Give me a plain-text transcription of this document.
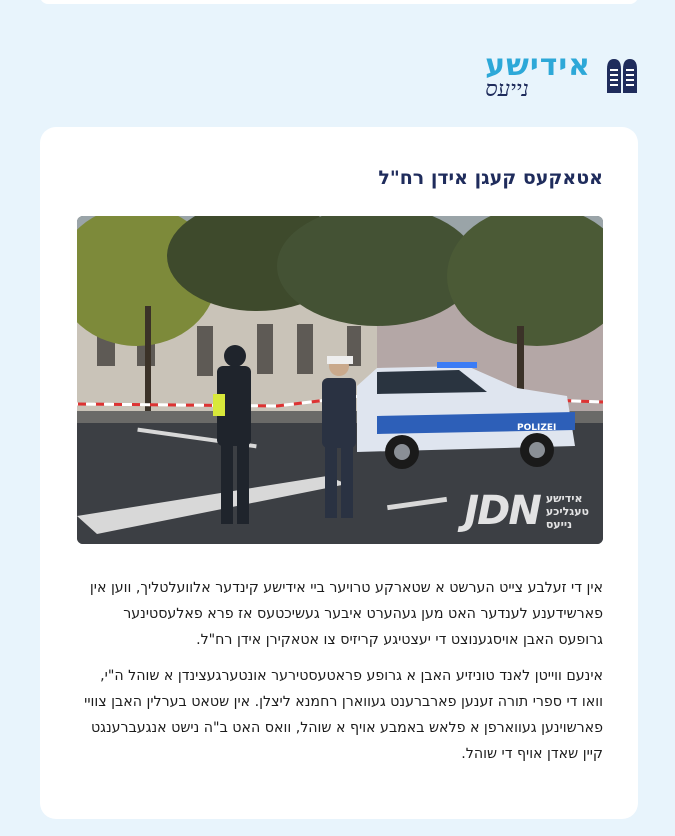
אידישע
נייעס
אטאקעס קעגן אידן רח"ל
POLIZEI
JDN אידישע
טעגליכע
נייעס

אין די זעלבע צייט הערשט א שטארקע טרויער ביי אידישע קינדער אלוועלטליך, ווען אין פארשידענע לענדער האט מען געהערט איבער געשיכטעס אז פרא פאלעסטינער גרופעס האבן אויסגענוצט די יעצטיגע קריזיס צו אטאקירן אידן רח"ל.

אינעם ווייטן לאנד טוניזיע האבן א גרופע פראטעסטירער אונטערגעצינדן א שוהל ה"י, וואו די ספרי תורה זענען פארברענט געווארן רחמנא ליצלן. אין שטאט בערלין האבן צוויי פארשוינען געווארפן א פלאש באמבע אויף א שוהל, וואס האט ב"ה נישט אנגעברענגט קיין שאדן אויף די שוהל.
